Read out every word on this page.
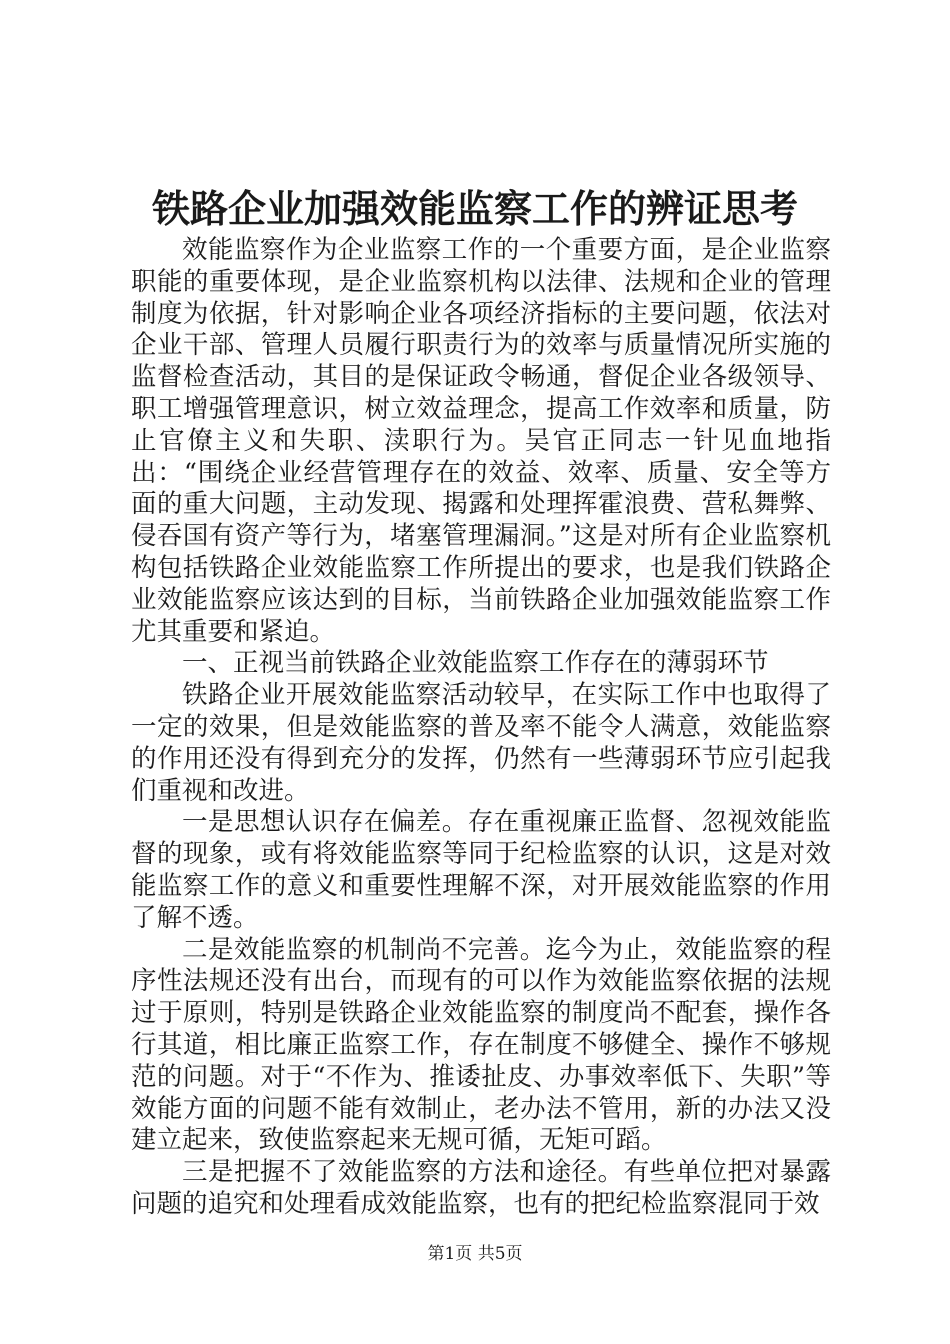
铁路企业加强效能监察工作的辨证思考

效能监察作为企业监察工作的一个重要方面，是企业监察职能的重要体现，是企业监察机构以法律、法规和企业的管理制度为依据，针对影响企业各项经济指标的主要问题，依法对企业干部、管理人员履行职责行为的效率与质量情况所实施的监督检查活动，其目的是保证政令畅通，督促企业各级领导、职工增强管理意识，树立效益理念，提高工作效率和质量，防止官僚主义和失职、渎职行为。吴官正同志一针见血地指出：“围绕企业经营管理存在的效益、效率、质量、安全等方面的重大问题，主动发现、揭露和处理挥霍浪费、营私舞弊、侵吞国有资产等行为，堵塞管理漏洞。”这是对所有企业监察机构包括铁路企业效能监察工作所提出的要求，也是我们铁路企业效能监察应该达到的目标，当前铁路企业加强效能监察工作尤其重要和紧迫。

一、正视当前铁路企业效能监察工作存在的薄弱环节

铁路企业开展效能监察活动较早，在实际工作中也取得了一定的效果，但是效能监察的普及率不能令人满意，效能监察的作用还没有得到充分的发挥，仍然有一些薄弱环节应引起我们重视和改进。

一是思想认识存在偏差。存在重视廉正监督、忽视效能监督的现象，或有将效能监察等同于纪检监察的认识，这是对效能监察工作的意义和重要性理解不深，对开展效能监察的作用了解不透。

二是效能监察的机制尚不完善。迄今为止，效能监察的程序性法规还没有出台，而现有的可以作为效能监察依据的法规过于原则，特别是铁路企业效能监察的制度尚不配套，操作各行其道，相比廉正监察工作，存在制度不够健全、操作不够规范的问题。对于“不作为、推诿扯皮、办事效率低下、失职”等效能方面的问题不能有效制止，老办法不管用，新的办法又没建立起来，致使监察起来无规可循，无矩可蹈。

三是把握不了效能监察的方法和途径。有些单位把对暴露问题的追究和处理看成效能监察，也有的把纪检监察混同于效

第1页 共5页
